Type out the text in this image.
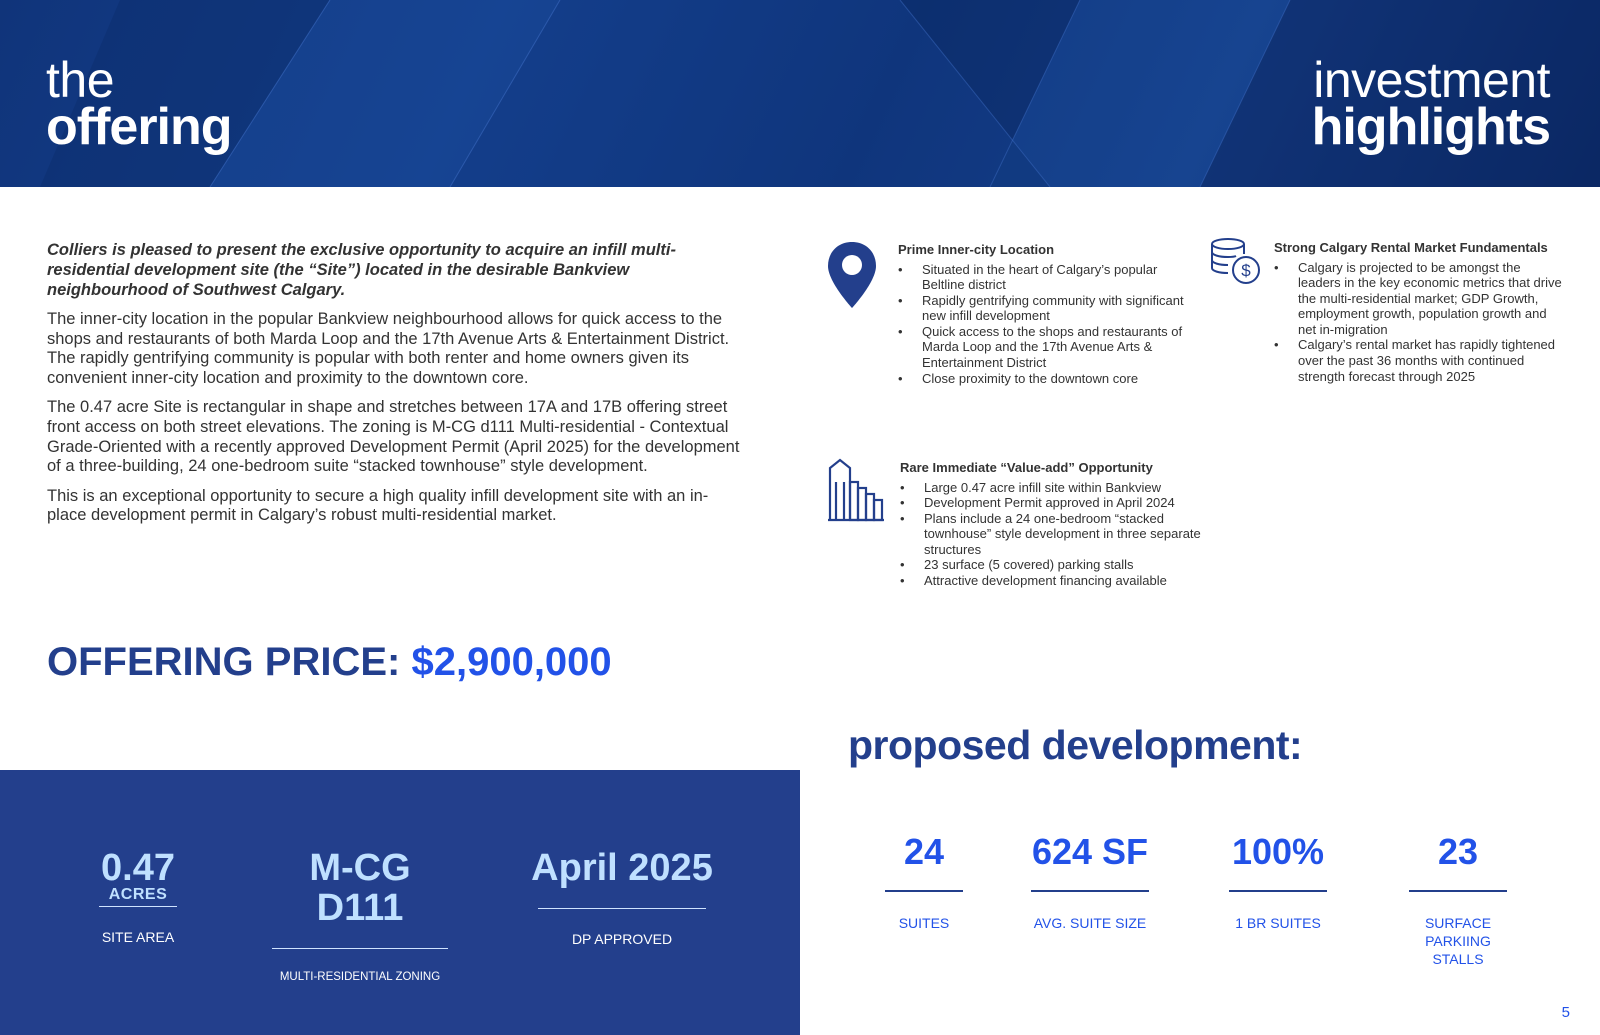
the
offering
investment
highlights

Colliers is pleased to present the exclusive opportunity to acquire an infill multi-residential development site (the “Site”) located in the desirable Bankview neighbourhood of Southwest Calgary.

The inner-city location in the popular Bankview neighbourhood allows for quick access to the shops and restaurants of both Marda Loop and the 17th Avenue Arts & Entertainment District. The rapidly gentrifying community is popular with both renter and home owners given its convenient inner-city location and proximity to the downtown core.

The 0.47 acre Site is rectangular in shape and stretches between 17A and 17B offering street front access on both street elevations. The zoning is M-CG d111 Multi-residential - Contextual Grade-Oriented with a recently approved Development Permit (April 2025) for the development of a three-building, 24 one-bedroom suite “stacked townhouse” style development.

This is an exceptional opportunity to secure a high quality infill development site with an in-place development permit in Calgary’s robust multi-residential market.

OFFERING PRICE: $2,900,000
0.47
ACRES
SITE AREA
M-CG D111
MULTI-RESIDENTIAL ZONING
April 2025
DP APPROVED
Prime Inner-city Location
• Situated in the heart of Calgary’s popular Beltline district
• Rapidly gentrifying community with significant new infill development
• Quick access to the shops and restaurants of Marda Loop and the 17th Avenue Arts & Entertainment District
• Close proximity to the downtown core
$
Strong Calgary Rental Market Fundamentals
• Calgary is projected to be amongst the leaders in the key economic metrics that drive the multi-residential market; GDP Growth, employment growth, population growth and net in-migration
• Calgary’s rental market has rapidly tightened over the past 36 months with continued strength forecast through 2025
Rare Immediate “Value-add” Opportunity
• Large 0.47 acre infill site within Bankview
• Development Permit approved in April 2024
• Plans include a 24 one-bedroom “stacked townhouse” style development in three separate structures
• 23 surface (5 covered) parking stalls
• Attractive development financing available
proposed development:
24
SUITES
624 SF
AVG. SUITE SIZE
100%
1 BR SUITES
23
SURFACE PARKIING STALLS
5
